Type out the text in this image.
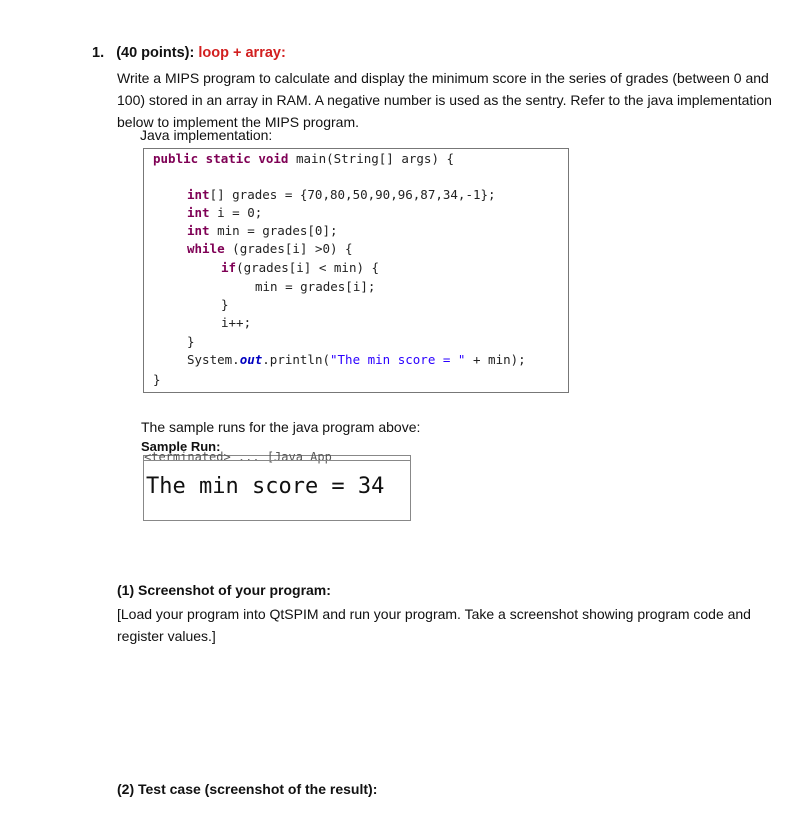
1. (40 points): loop + array:
Write a MIPS program to calculate and display the minimum score in the series of grades (between 0 and 100) stored in an array in RAM. A negative number is used as the sentry. Refer to the java implementation below to implement the MIPS program.
Java implementation:
public static void main(String[] args) {
int[] grades = {70,80,50,90,96,87,34,-1};
int i = 0;
int min = grades[0];
while (grades[i] >0) {
if(grades[i] < min) {
min = grades[i];
}
i++;
}
System.out.println("The min score = " + min);
}
The sample runs for the java program above:
Sample Run:
<terminated> ... [Java App
The min score = 34
(1) Screenshot of your program:
[Load your program into QtSPIM and run your program. Take a screenshot showing program code and register values.]
(2) Test case (screenshot of the result):
